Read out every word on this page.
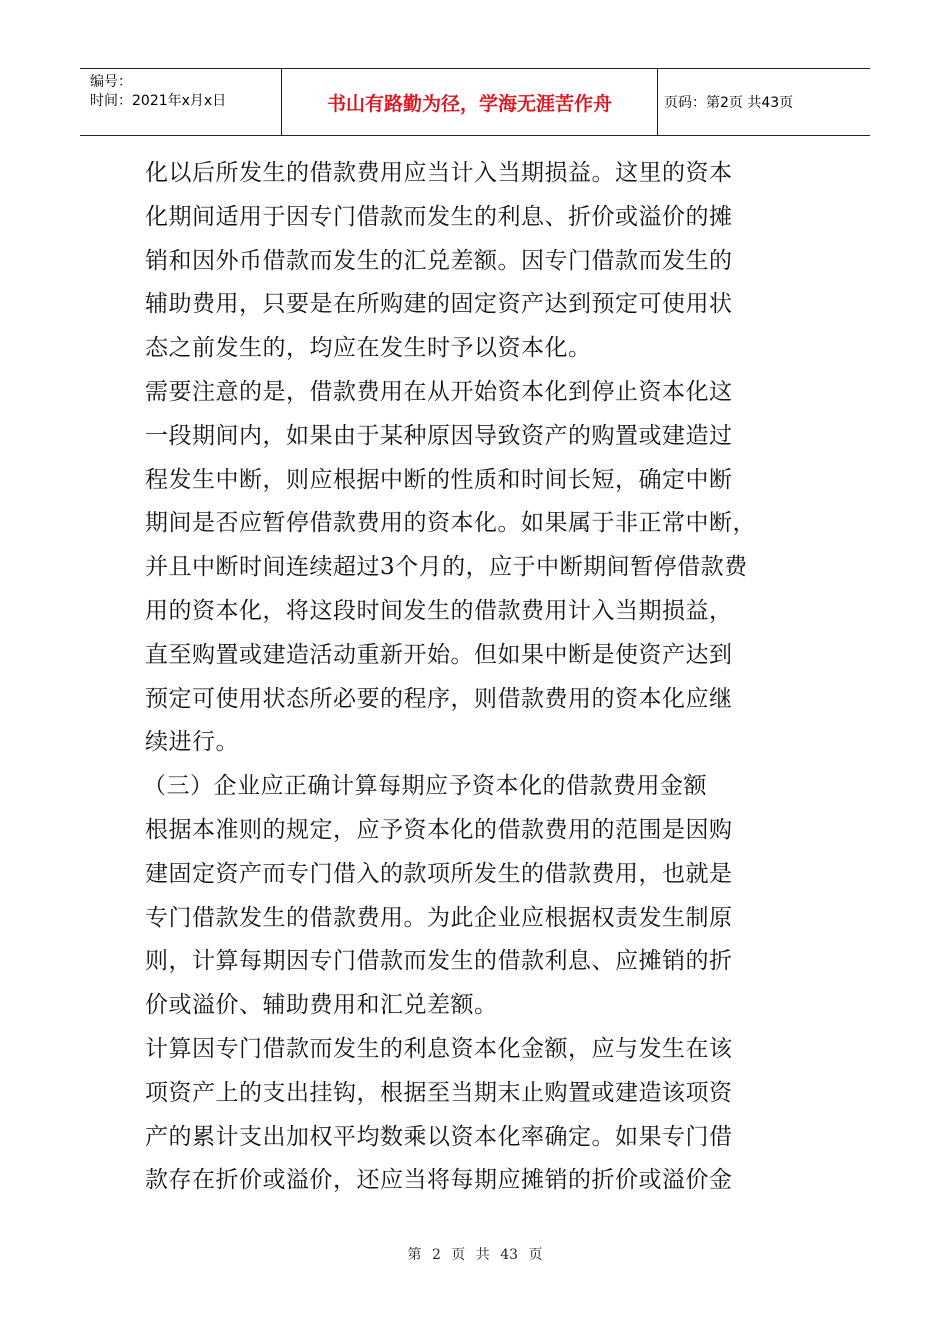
编号：
时间：2021年x月x日	书山有路勤为径，学海无涯苦作舟	页码：第2页 共43页

化以后所发生的借款费用应当计入当期损益。这里的资本

化期间适用于因专门借款而发生的利息、折价或溢价的摊

销和因外币借款而发生的汇兑差额。因专门借款而发生的

辅助费用，只要是在所购建的固定资产达到预定可使用状

态之前发生的，均应在发生时予以资本化。

需要注意的是，借款费用在从开始资本化到停止资本化这

一段期间内，如果由于某种原因导致资产的购置或建造过

程发生中断，则应根据中断的性质和时间长短，确定中断

期间是否应暂停借款费用的资本化。如果属于非正常中断，

并且中断时间连续超过3个月的，应于中断期间暂停借款费

用的资本化，将这段时间发生的借款费用计入当期损益，

直至购置或建造活动重新开始。但如果中断是使资产达到

预定可使用状态所必要的程序，则借款费用的资本化应继

续进行。

（三）企业应正确计算每期应予资本化的借款费用金额

根据本准则的规定，应予资本化的借款费用的范围是因购

建固定资产而专门借入的款项所发生的借款费用，也就是

专门借款发生的借款费用。为此企业应根据权责发生制原

则，计算每期因专门借款而发生的借款利息、应摊销的折

价或溢价、辅助费用和汇兑差额。

计算因专门借款而发生的利息资本化金额，应与发生在该

项资产上的支出挂钩，根据至当期末止购置或建造该项资

产的累计支出加权平均数乘以资本化率确定。如果专门借

款存在折价或溢价，还应当将每期应摊销的折价或溢价金

第 2 页 共 43 页
